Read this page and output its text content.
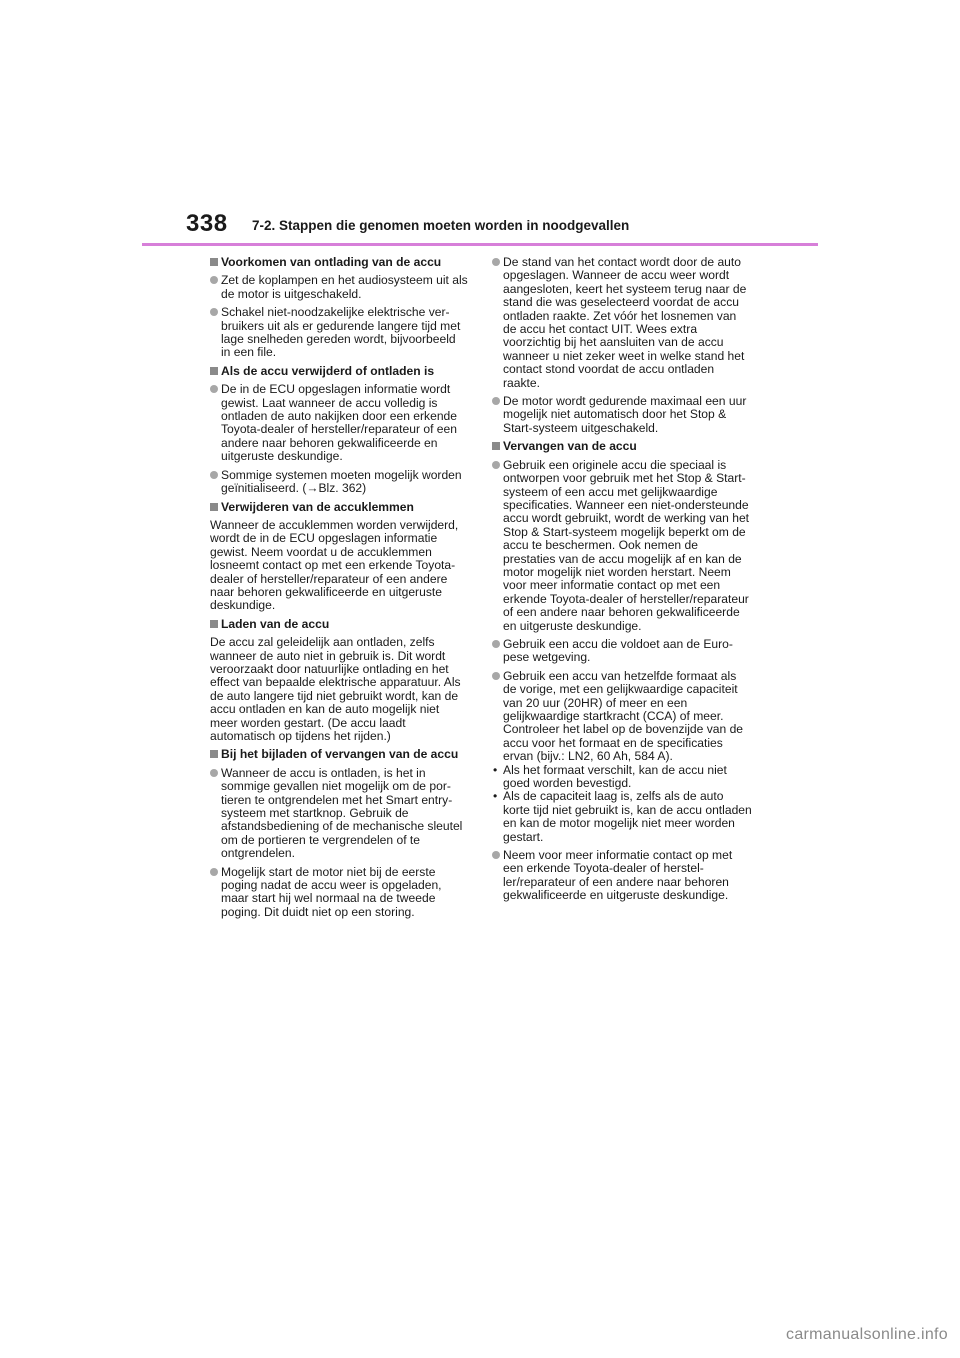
338 7-2. Stappen die genomen moeten worden in noodgevallen
Voorkomen van ontlading van de accu
Zet de koplampen en het audiosysteem uit als de motor is uitgeschakeld.
Schakel niet-noodzakelijke elektrische verbruikers uit als er gedurende langere tijd met lage snelheden gereden wordt, bijvoorbeeld in een file.
Als de accu verwijderd of ontladen is
De in de ECU opgeslagen informatie wordt gewist. Laat wanneer de accu volledig is ontladen de auto nakijken door een erkende Toyota-dealer of hersteller/reparateur of een andere naar behoren gekwalificeerde en uitgeruste deskundige.
Sommige systemen moeten mogelijk worden geïnitialiseerd. (→Blz. 362)
Verwijderen van de accuklemmen
Wanneer de accuklemmen worden verwijderd, wordt de in de ECU opgeslagen informatie gewist. Neem voordat u de accuklemmen losneemt contact op met een erkende Toyota-dealer of hersteller/reparateur of een andere naar behoren gekwalificeerde en uitgeruste deskundige.
Laden van de accu
De accu zal geleidelijk aan ontladen, zelfs wanneer de auto niet in gebruik is. Dit wordt veroorzaakt door natuurlijke ontlading en het effect van bepaalde elektrische apparatuur. Als de auto langere tijd niet gebruikt wordt, kan de accu ontladen en kan de auto mogelijk niet meer worden gestart. (De accu laadt automatisch op tijdens het rijden.)
Bij het bijladen of vervangen van de accu
Wanneer de accu is ontladen, is het in sommige gevallen niet mogelijk om de portieren te ontgrendelen met het Smart entry-systeem met startknop. Gebruik de afstandsbediening of de mechanische sleutel om de portieren te vergrendelen of te ontgrendelen.
Mogelijk start de motor niet bij de eerste poging nadat de accu weer is opgeladen, maar start hij wel normaal na de tweede poging. Dit duidt niet op een storing.
De stand van het contact wordt door de auto opgeslagen. Wanneer de accu weer wordt aangesloten, keert het systeem terug naar de stand die was geselecteerd voordat de accu ontladen raakte. Zet vóór het losnemen van de accu het contact UIT. Wees extra voorzichtig bij het aansluiten van de accu wanneer u niet zeker weet in welke stand het contact stond voordat de accu ontladen raakte.
De motor wordt gedurende maximaal een uur mogelijk niet automatisch door het Stop & Start-systeem uitgeschakeld.
Vervangen van de accu
Gebruik een originele accu die speciaal is ontworpen voor gebruik met het Stop & Start-systeem of een accu met gelijkwaardige specificaties. Wanneer een niet-ondersteunde accu wordt gebruikt, wordt de werking van het Stop & Start-systeem mogelijk beperkt om de accu te beschermen. Ook nemen de prestaties van de accu mogelijk af en kan de motor mogelijk niet worden herstart. Neem voor meer informatie contact op met een erkende Toyota-dealer of hersteller/reparateur of een andere naar behoren gekwalificeerde en uitgeruste deskundige.
Gebruik een accu die voldoet aan de Europese wetgeving.
Gebruik een accu van hetzelfde formaat als de vorige, met een gelijkwaardige capaciteit van 20 uur (20HR) of meer en een gelijkwaardige startkracht (CCA) of meer. Controleer het label op de bovenzijde van de accu voor het formaat en de specificaties ervan (bijv.: LN2, 60 Ah, 584 A).
• Als het formaat verschilt, kan de accu niet goed worden bevestigd.
• Als de capaciteit laag is, zelfs als de auto korte tijd niet gebruikt is, kan de accu ontladen en kan de motor mogelijk niet meer worden gestart.
Neem voor meer informatie contact op met een erkende Toyota-dealer of hersteller/reparateur of een andere naar behoren gekwalificeerde en uitgeruste deskundige.
carmanualsonline.info
